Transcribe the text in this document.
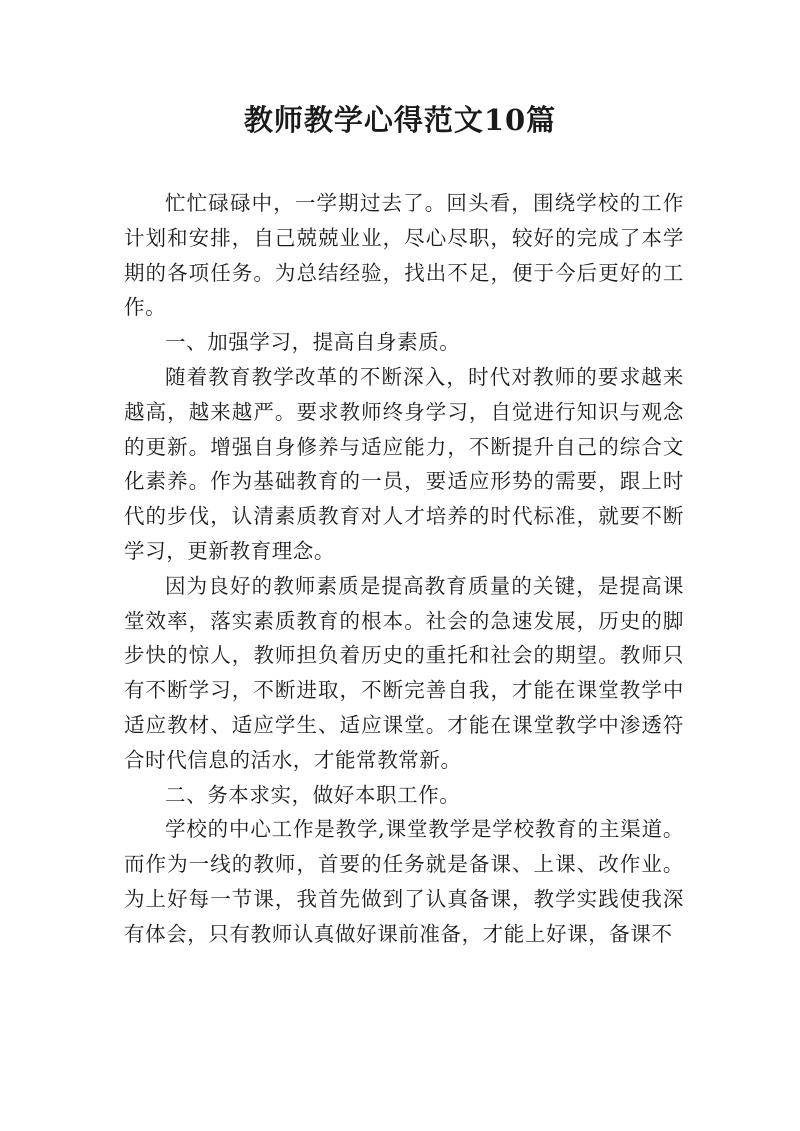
教师教学心得范文10篇

忙忙碌碌中，一学期过去了。回头看，围绕学校的工作计划和安排，自己兢兢业业，尽心尽职，较好的完成了本学期的各项任务。为总结经验，找出不足，便于今后更好的工作。

一、加强学习，提高自身素质。

随着教育教学改革的不断深入，时代对教师的要求越来越高，越来越严。要求教师终身学习，自觉进行知识与观念的更新。增强自身修养与适应能力，不断提升自己的综合文化素养。作为基础教育的一员，要适应形势的需要，跟上时代的步伐，认清素质教育对人才培养的时代标准，就要不断学习，更新教育理念。

因为良好的教师素质是提高教育质量的关键，是提高课堂效率，落实素质教育的根本。社会的急速发展，历史的脚步快的惊人，教师担负着历史的重托和社会的期望。教师只有不断学习，不断进取，不断完善自我，才能在课堂教学中适应教材、适应学生、适应课堂。才能在课堂教学中渗透符合时代信息的活水，才能常教常新。

二、务本求实，做好本职工作。

学校的中心工作是教学,课堂教学是学校教育的主渠道。而作为一线的教师，首要的任务就是备课、上课、改作业。为上好每一节课，我首先做到了认真备课，教学实践使我深有体会，只有教师认真做好课前准备，才能上好课，备课不
